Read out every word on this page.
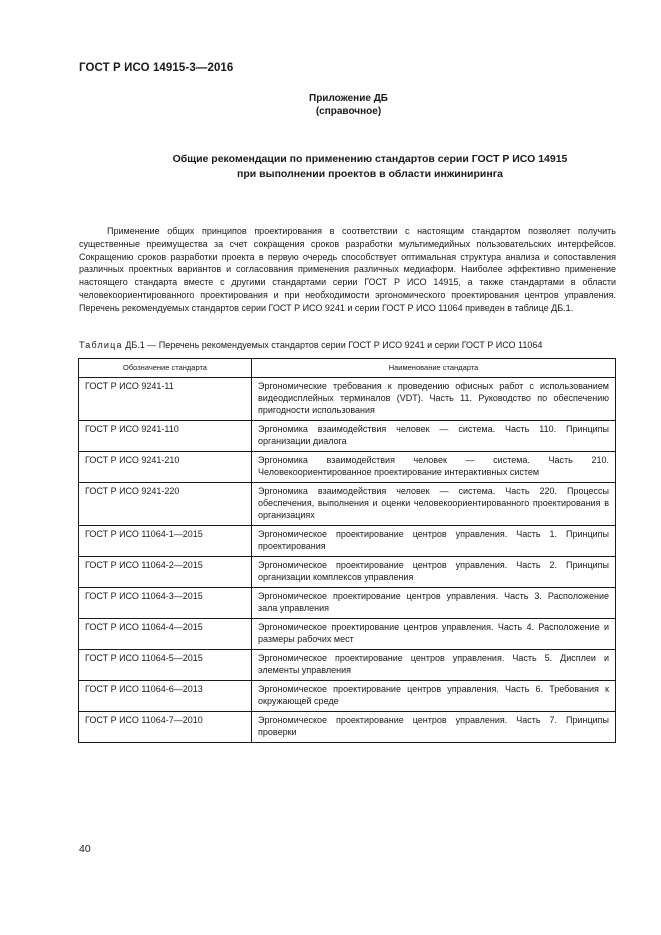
ГОСТ Р ИСО 14915-3—2016
Приложение ДБ
(справочное)
Общие рекомендации по применению стандартов серии ГОСТ Р ИСО 14915
при выполнении проектов в области инжиниринга

Применение общих принципов проектирования в соответствии с настоящим стандартом позволяет получить существенные преимущества за счет сокращения сроков разработки мультимедийных пользовательских интерфейсов. Сокращению сроков разработки проекта в первую очередь способствует оптимальная структура анализа и сопоставления различных проектных вариантов и согласования применения различных медиаформ. Наиболее эффективно применение настоящего стандарта вместе с другими стандартами серии ГОСТ Р ИСО 14915, а также стандартами в области человекоориентированного проектирования и при необходимости эргономического проектирования центров управления. Перечень рекомендуемых стандартов серии ГОСТ Р ИСО 9241 и серии ГОСТ Р ИСО 11064 приведен в таблице ДБ.1.

Таблица ДБ.1 — Перечень рекомендуемых стандартов серии ГОСТ Р ИСО 9241 и серии ГОСТ Р ИСО 11064
Обозначение стандарта	Наименование стандарта
ГОСТ Р ИСО 9241-11	Эргономические требования к проведению офисных работ с использованием видеодисплейных терминалов (VDT). Часть 11. Руководство по обеспечению пригодности использования
ГОСТ Р ИСО 9241-110	Эргономика взаимодействия человек — система. Часть 110. Принципы организации диалога
ГОСТ Р ИСО 9241-210	Эргономика взаимодействия человек — система. Часть 210. Человекоориентированное проектирование интерактивных систем
ГОСТ Р ИСО 9241-220	Эргономика взаимодействия человек — система. Часть 220. Процессы обеспечения, выполнения и оценки человекоориентированного проектирования в организациях
ГОСТ Р ИСО 11064-1—2015	Эргономическое проектирование центров управления. Часть 1. Принципы проектирования
ГОСТ Р ИСО 11064-2—2015	Эргономическое проектирование центров управления. Часть 2. Принципы организации комплексов управления
ГОСТ Р ИСО 11064-3—2015	Эргономическое проектирование центров управления. Часть 3. Расположение зала управления
ГОСТ Р ИСО 11064-4—2015	Эргономическое проектирование центров управления. Часть 4. Расположение и размеры рабочих мест
ГОСТ Р ИСО 11064-5—2015	Эргономическое проектирование центров управления. Часть 5. Дисплеи и элементы управления
ГОСТ Р ИСО 11064-6—2013	Эргономическое проектирование центров управления. Часть 6. Требования к окружающей среде
ГОСТ Р ИСО 11064-7—2010	Эргономическое проектирование центров управления. Часть 7. Принципы проверки
40
